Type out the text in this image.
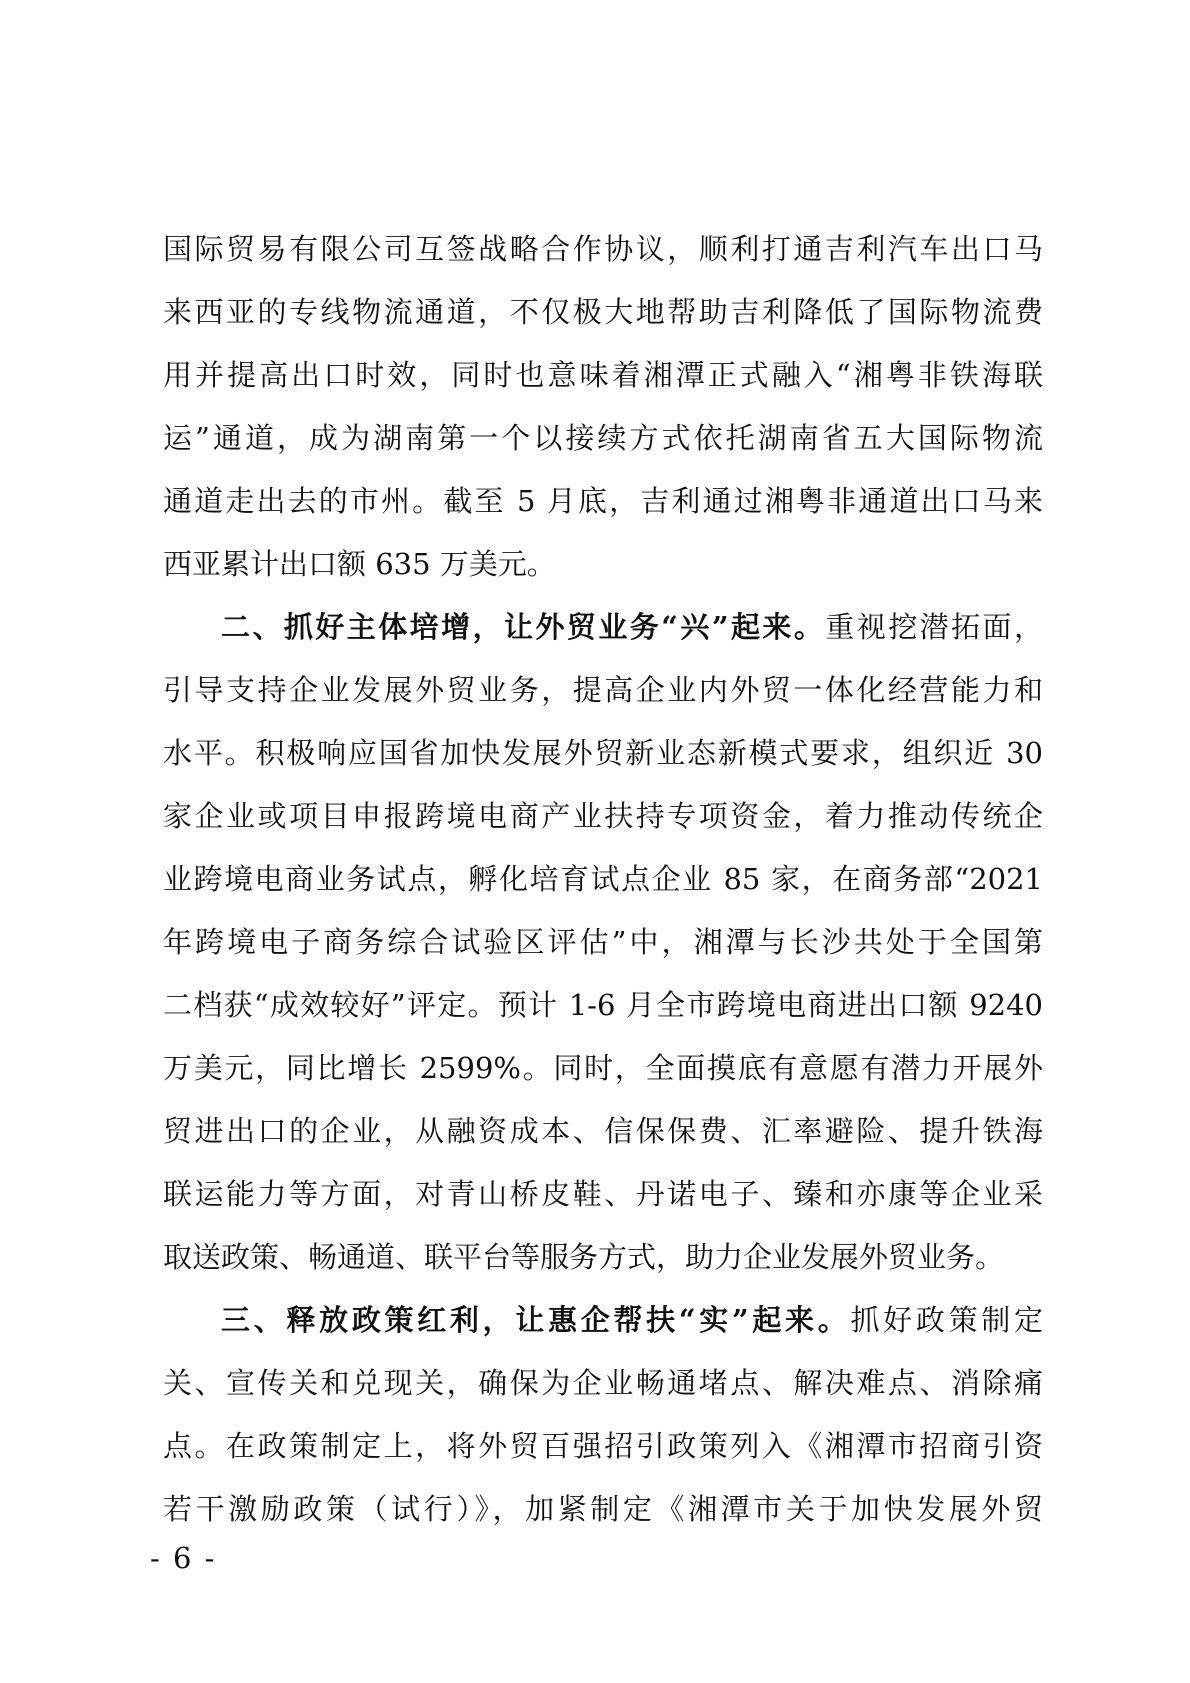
国际贸易有限公司互签战略合作协议，顺利打通吉利汽车出口马
来西亚的专线物流通道，不仅极大地帮助吉利降低了国际物流费
用并提高出口时效，同时也意味着湘潭正式融入“湘粤非铁海联
运”通道，成为湖南第一个以接续方式依托湖南省五大国际物流
通道走出去的市州。截至 5 月底，吉利通过湘粤非通道出口马来
西亚累计出口额 635 万美元。
二、抓好主体培增，让外贸业务“兴”起来。重视挖潜拓面，
引导支持企业发展外贸业务，提高企业内外贸一体化经营能力和
水平。积极响应国省加快发展外贸新业态新模式要求，组织近 30
家企业或项目申报跨境电商产业扶持专项资金，着力推动传统企
业跨境电商业务试点，孵化培育试点企业 85 家，在商务部“2021
年跨境电子商务综合试验区评估”中，湘潭与长沙共处于全国第
二档获“成效较好”评定。预计 1-6 月全市跨境电商进出口额 9240
万美元，同比增长 2599%。同时，全面摸底有意愿有潜力开展外
贸进出口的企业，从融资成本、信保保费、汇率避险、提升铁海
联运能力等方面，对青山桥皮鞋、丹诺电子、臻和亦康等企业采
取送政策、畅通道、联平台等服务方式，助力企业发展外贸业务。
三、释放政策红利，让惠企帮扶“实”起来。抓好政策制定
关、宣传关和兑现关，确保为企业畅通堵点、解决难点、消除痛
点。在政策制定上，将外贸百强招引政策列入《湘潭市招商引资
若干激励政策（试行）》，加紧制定《湘潭市关于加快发展外贸
- 6 -
